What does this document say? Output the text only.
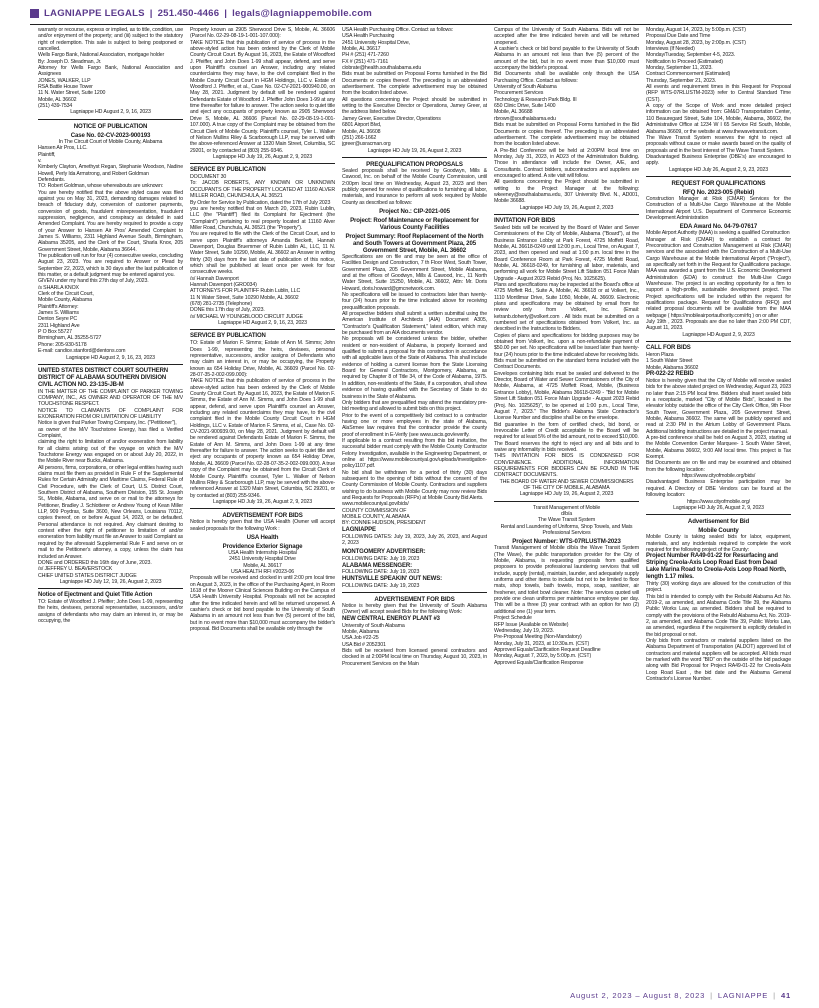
LAGNIAPPE LEGALS | 251.450-4466 | legals@lagniappemobile.com

warranty or recourse, express or implied, as to title, condition, use and/or enjoyment of the property; and (iii) subject to the statutory right of redemption. This sale is subject to being postponed or cancelled.

Wells Fargo Bank, National Association, mortgage holder

By: Joseph D. Steadman, Jr.

Attorney for Wells Fargo Bank, National Association and Assignees

JONES, WALKER, LLP

RSA Battle House Tower

11 N. Water Street, Suite 1200

Mobile, AL 36602

(251) 439-7534

Lagniappe HD August 2, 9, 16, 2023

NOTICE OF PUBLICATION

Case No. 02-CV-2023-900193

In The Circuit Court of Mobile County, Alabama

Hansen Air Pros, LLC.

Plaintiff,

v.

Kimberly Clayton, Amethyst Regan, Stephanie Woodson, Nadine Howell, Perly Ida Armstrong, and Robert Goldman

Defendants.

TO: Robert Goldman, whose whereabouts are unknown:

You are hereby notified that the above styled cause was filed against you on May 31, 2023, demanding damages related to breach of fiduciary duty, conversion of customer payments, conversion of goods, fraudulent misrepresentation, fraudulent suppression, negligence, and conspiracy as detailed in said Amended Complaint. You are hereby required to provide a copy of your Answer to Hansen Air Pros' Amended Complaint to James S. Williams, 2311 Highland Avenue South, Birmingham, Alabama 35205, and the Clerk of the Court, Sharla Knox, 205 Government Street, Mobile, Alabama 36644.

The publication will run for four (4) consecutive weeks, concluding August 23, 2023. You are required to Answer or Plead by September 22, 2023, which is 30 days after the last publication of this matter, or a default judgment may be entered against you.

GIVEN under my hand this 27th day of July, 2023.

/s SHARLA KNOX

Clerk of the Circuit Court,

Mobile County, Alabama

Plaintiff's Attorney:

James S. Williams

Denton Seyre PC

2311 Highland Ave

P O Box 55727

Birmingham, AL 35255-5727

Phone: 205-930-5178

E-mail: candice.stanford@dentons.com

Lagniappe HD August 2, 9, 16, 23, 2023

UNITED STATES DISTRICT COURT SOUTHERN DISTRICT OF ALABAMA SOUTHERN DIVISION

CIVIL ACTION NO. 23-135-JB-M

IN THE MATTER OF THE COMPLAINT OF PARKER TOWING COMPANY, INC., AS OWNER AND OPERATOR OF THE M/V TOUCHSTONE RESPECT.

NOTICE TO CLAIMANTS OF COMPLAINT FOR EXONERATION FROM OR LIMITATION OF LIABILITY

Notice is given that Parker Towing Company, Inc. ("Petitioner"),

as owner of the M/V Touchstone Energy, has filed a Verified Complaint,

claiming the right to limitation of and/or exoneration from liability for all claims arising out of the voyage on which the M/V Touchstone Energy was engaged on or about July 20, 2022, in the Mobile River near Bucks, Alabama.

All persons, firms, corporations, or other legal entities having such claims must file them as provided in Rule F of the Supplemental Rules for Certain Admiralty and Maritime Claims, Federal Rule of Civil Procedure, with the Clerk of Court, U.S. District Court, Southern District of Alabama, Southern Division, 155 St. Joseph St., Mobile, Alabama, and serve on or mail to the attorneys for Petitioner, Bradley J. Schlotterer or Andrew Young of Kean Miller LLP, 909 Poydras, Suite 3600, New Orleans, Louisiana 70112, copies thereof, on or before August 14, 2023, or be defaulted. Personal attendance is not required. Any claimant desiring to contest either the right of petitioner to limitation of and/or exoneration from liability must file an Answer to said Complaint as required by the aforesaid Supplemental Rule F and serve on or mail to the Petitioner's attorney, a copy, unless the claim has included an Answer.

DONE and ORDERED this 16th day of June, 2023.

/s/ JEFFREY U. BEAVERSTOCK

CHIEF UNITED STATES DISTRICT JUDGE

Lagniappe HD July 12, 19, 26, August 2, 2023

Notice of Ejectment and Quiet Title Action

TO: Estate of Woodford J. Pfeiffer; John Does 1-99, representing the heirs, devisees, personal representative, successors, and/or assigns of defendants who may claim an interest in, or may be occupying, the

Property known as 2905 Sherwood Drive S, Mobile, AL 36606 (Parcel No. 02-29-08-19-1-001-107.000):

TAKE NOTICE that this publication of service of process in the above-styled action has been ordered by the Clerk of Mobile County Circuit Court. By August 16, 2023, the Estate of Woodford J. Pfeiffer, and John Does 1-99 shall appear, defend, and serve upon Plaintiff's counsel an Answer, including any related counterclaims they may have, to the civil complaint filed in the Mobile County Circuit Court in HGM Holdings, LLC v. Estate of Woodford J. Pfeiffer, et al., Case No. 02-CV-2021-900940.00, on May 28, 2021. Judgment by default will be rendered against Defendants Estate of Woodford J. Pfeiffer John Does 1-99 at any time thereafter for failure to answer. The action seeks to quiet title and eject any occupants of property known as 2905 Sherwood Drive S, Mobile, AL 36606 (Parcel No. 02-29-08-19-1-001-107.000). A true copy of the Complaint may be obtained from the Circuit Clerk of Mobile County. Plaintiff's counsel, Tyler L. Walker of Nelson Mullins Riley & Scarborough LLP, may be served with the above-referenced Answer at 1320 Main Street, Columbia, SC 29201, or by contacted at (803) 255-9346.

Lagniappe HD July 19, 26, August 2, 9, 2023

SERVICE BY PUBLICATION

DOCUMENT 30

To: JACOB ROBERTS, ANY KNOWN OR UNKNOWN OCCUPANTS OF THE PROPERTY LOCATED AT 11160 ALVER MILLER ROAD, CHUNCHULA, AL 36521

By Order for Service by Publication, dated the 17th of July 2023

you are hereby notified that on March 20, 2023, Rubin Lublin, LLC (the "Plaintiff") filed its Complaint for Ejectment (the "Complaint") pertaining to real property located at 11160 Alver Miller Road, Chunchula, AL 36521 (the "Property").

You are required to file with the Clerk of the Circuit Court, and to serve upon Plaintiff's attorneys Amanda Beckett, Hannah Davenport, Douglas Bruemmer of Rubin Lublin AL, LLC, 11 N. Water Street, Suite 10290, Mobile, AL 36602 an Answer in writing thirty (30) days from the last date of publication of this notice, which shall be published at least once per week for four consecutive weeks.

/s/ Hannah Davenport

Hannah Davenport (GRO034)

ATTORNEYS FOR PLAINTIFF Rubin Lublin, LLC

11 N Water Street, Suite 10290 Mobile, AL 36602

(678) 281-2735 (Telephone)

DONE this 17th day of July, 2023.

/s/ MICHAEL W YOUNGBLOOD CIRCUIT JUDGE

Lagniappe HD August 2, 9, 16, 23, 2023

SERVICE BY PUBLICATION

TO: Estate of Marion F. Simms; Estate of Ann M. Simms; John Does 1-99, representing the heirs, devisees, personal representative, successors, and/or assigns of Defendants who may claim an interest in, or may be occupying, the Property known as 654 Holiday Drive, Mobile, AL 36609 (Parcel No. 02-28-07-35-2-002-099.000):

TAKE NOTICE that this publication of service of process in the above-styled action has been ordered by the Clerk of Mobile County Circuit Court. By August 16, 2023, the Estate of Marion F. Simms, the Estate of Ann M. Simms, and John Does 1-99 shall appear, defend, and serve upon Plaintiff's counsel an Answer, including any related counterclaims they may have, to the civil complaint filed in the Mobile County Circuit Court in HGM Holdings, LLC v. Estate of Marion F. Simms, et al., Case No. 02-CV-2021-900939.00, on May 28, 2021. Judgment by default will be rendered against Defendants Estate of Marion F. Simms, the Estate of Ann M. Simms, and John Does 1-99 at any time thereafter for failure to answer. The action seeks to quiet title and eject any occupants of property known as 654 Holiday Drive, Mobile, AL 36609 (Parcel No. 02-28-07-35-2-002-099.000). A true copy of the Complaint may be obtained from the Circuit Clerk of Mobile County. Plaintiff's counsel, Tyler L. Walker of Nelson Mullins Riley & Scarborough LLP, may be served with the above-referenced Answer at 1320 Main Street, Columbia, SC 29201, or by contacted at (803) 255-9346.

Lagniappe HD July 19, 26, August 2, 9, 2023

ADVERTISEMENT FOR BIDS

Notice is hereby given that the USA Health (Owner will accept sealed proposals for the following Work :

USA Health

Providence Exterior Signage

USA Health Internship Hospital

2451 University Hospital Drive

Mobile, AL 36617

USA HEALTH RFI #2023-06

Proposals will be received and clocked in until 2:00 pm local time on August 3, 2023, in the office of the Purchasing Agent, in Room 1618 of the Moorer Clinical Sciences Building on the Campus of USA Health University Hospital. Proposals will not be accepted after the time indicated herein and will be returned unopened. A cashier's check or bid bond payable to the University of South Alabama in an amount not less than five (5) percent of the bid, but in no event more than $10,000 must accompany the bidder's proposal. Bid Documents shall be available only through the

USA Health Purchasing Office. Contact as follows:

USA Health Purchasing

2451 University Hospital Drive,

Mobile, AL 36617

PH # (251) 471-7260

FX # (251) 471-7161

clobrate@health.southalabama.edu

Bids must be submitted on Proposal Forms furnished in the Bid Documents or copies thereof. The preceding is an abbreviated advertisement. The complete advertisement may be obtained from the location listed above.

All questions concerning the Project should be submitted in writing to the Executive Director or Operations, Jamey Greer, at the address listed below.

Jamey Greer, Executive Director, Operations

6801 Airport Blvd,

Mobile, AL 36608

(251) 266-1662

jgreer@usracman.org

Lagniappe HD July 19, 26, August 2, 2023

PREQUALIFICATION PROPOSALS

Sealed proposals shall be received by Goodwyn, Mills & Cawood, Inc. on behalf of the Mobile County Commission, until 2:00pm local time on Wednesday, August 23, 2023 and then publicly opened for review of qualifications to furnishing all labor, materials, and insurance to perform all work required by Mobile County as described as follows:

Project No.: CIP-2021-005

Project: Roof Maintenance or Replacement for Various County Facilities

Project Summary: Roof Replacement of the North and South Towers at Government Plaza, 205 Government Street, Mobile, AL 36602

Specifications are on file and may be seen at the office of Facilities Design and Construction, 7 th Floor West, South Tower, Government Plaza, 205 Government Street, Mobile Alabama, and at the offices of Goodwyn, Mills & Cawood, Inc., 11 North Water Street, Suite 15250, Mobile, AL 36602, Attn: Mr. Doris Howard, doris.howard@gmcnetwork.com.

No specifications will be issued to contractors later than twenty-four (24) hours prior to the time indicated above for receiving prequalification proposals.

All prospective bidders shall submit a written submittal using the American Institute of Architects (AIA) Document A305, "Contractor's Qualification Statement," latest edition, which may be purchased from an AIA documents vendor.

No proposals will be considered unless the bidder, whether resident or non-resident of Alabama, is properly licensed and qualified to submit a proposal for this construction in accordance with all applicable laws of the State of Alabama. This shall include evidence of holding a current license from the State Licensing Board for General Contractors, Montgomery, Alabama, as required by Chapter 8 of Title 34, of the Code of Alabama, 1975. In addition, non-residents of the State, if a corporation, shall show evidence of having qualified with the Secretary of State to do business in the State of Alabama.

Only bidders that are prequalified may attend the mandatory pre-bid meeting and allowed to submit bids on this project.

Prior to the event of a competitively bid contract to a contractor having one or more employees in the state of Alabama, AlaSrmee law requires that the contractor provide the county proof of enrollment in E-Verify (see www.uscis.gov/everify.

If applicable to a contract resulting from this bid invitation, the successful bidder must comply with the Mobile County Contractor Felony Investigation, available in the Engineering Department, or online at https://www.mobilecountyal.gov/uploads/investigation-policy1107.pdf.

No bid shall be withdrawn for a period of thirty (30) days subsequent to the opening of bids without the consent of the County Commission of Mobile County. Contractors and suppliers wishing to do business with Mobile County may now review Bids and Requests for Proposals (RFPs) at Mobile County Bid Alerts.

www.mobilecountyal.gov/bids/

COUNTY COMMISSION OF

MOBILE COUNTY, ALABAMA

BY: CONNIE HUDSON, PRESIDENT

LAGNIAPPE

FOLLOWING DATES: July 19, 2023, July 26, 2023, and August 2, 2023

MONTGOMERY ADVERTISER:

FOLLOWING DATE: July 19, 2023

ALABAMA MESSENGER:

FOLLOWING DATE: July 19, 2023

HUNTSVILLE SPEAKIN' OUT NEWS:

FOLLOWING DATE: July 19, 2023

ADVERTISEMENT FOR BIDS

Notice is hereby given that the University of South Alabama (Owner) will accept sealed Bids for the following Work:

NEW CENTRAL ENERGY PLANT #3

University of South Alabama

Mobile, Alabama

USA Job #22-25

USA Bid # 2052301

Bids will be received from licensed general contractors and clocked in at 2:00PM local time on Thursday, August 10, 2023, in Procurement Services on the Main

Campus of the University of South Alabama. Bids will not be accepted after the time indicated herein and will be returned unopened.

A cashier's check or bid bond payable to the University of South Alabama in an amount not less than five (5) percent of the amount of the bid, but in no event more than $10,000 must accompany the bidder's proposal.

Bid Documents shall be available only through the USA Purchasing Office. Contact as follows:

University of South Alabama

Procurement Services

Technology & Research Park Bldg. III

650 Clinic Drive, Suite 1400

Mobile, AL 36688

rbrown@southalabama.edu

Bids must be submitted on Proposal Forms furnished in the Bid Documents or copies thereof. The preceding is an abbreviated advertisement. The complete advertisement may be obtained from the location listed above.

A Pre-Bid Conference will be held at 2:00PM local time on Monday, July 31, 2023, in AD23 of the Administration Building. Those in attendance will include the Owner, A/E, and Consultants. Contract bidders, subcontractors and suppliers are encouraged to attend. A site visit will follow.

All questions concerning the Project should be submitted in writing to the Project Manager at the following: wkeeney@southalabama.edu, 307 University Blvd. N., AD001, Mobile 36688.

Lagniappe HD July 19, 26, August 2, 2023

INVITATION FOR BIDS

Sealed bids will be received by the Board of Water and Sewer Commissioners of the City of Mobile, Alabama ("Board"), at the Business Entrance Lobby at Park Forest, 4725 Moffett Road, Mobile, AL 36618-0249 until 12:00 p.m., Local Time, on August 7, 2023, and then opened and read at 1:00 p.m. local time in the Board Conference Room at Park Forest, 4725 Moffett Road, Mobile, AL 36618-0249, for furnishing all labor, materials, and performing all work for Mobile Street Lift Station 051 Force Main Upgrade - August 2023 Rebid (Proj. No. 1025625).

Plans and specifications may be inspected at the Board's office at 4725 Moffett Rd., Suite A, Mobile, AL 36618 or at Volkert, Inc., 1110 Montlimar Drive, Suite 1050, Mobile, AL 36609. Electronic plans and specifications may be obtained by email from for review only from Volkert, Inc. (Email: ketranb.doherty@volkert.com . All bids must be submitted on a numbered set of specifications obtained from Volkert, Inc. as described in the Instructions to Bidders.

Copies of plans and specifications for bidding purposes may be obtained from Volkert, Inc. upon a non-refundable payment of $50.00 per set. No specifications will be issued later than twenty-four (24) hours prior to the time indicated above for receiving bids.

Bids must be submitted on the standard forms included with the Contract Documents.

Envelopes containing bids must be sealed and delivered to the Director, Board of Water and Sewer Commissioners of the City of Mobile, Alabama, at 4725 Moffett Road, Mobile, (Business Entrance Lobby), Mobile, Alabama 36618-0249 - "Bid for Mobile Street Lift Station 051 Force Main Upgrade - August 2023 Rebid (Proj. No. 1025625)", to be opened at 1:00 p.m., Local Time, August 7, 2023." The Bidder's Alabama State Contractor's License Number and discipline shall be on the envelope.

Bid guarantee in the form of certified check, bid bond, or Irrevocable Letter of Credit acceptable to the Board will be required for at least 5% of the bid amount, not to exceed $10,000.

The Board reserves the right to reject any and all bids and to waive any informality in bids received.

THIS INVITATION FOR BIDS IS CONDENSED FOR CONVENIENCE. ADDITIONAL INFORMATION REQUIREMENTS FOR BIDDERS CAN BE FOUND IN THE CONTRACT DOCUMENTS.

THE BOARD OF WATER AND SEWER COMMISSIONERS

OF THE CITY OF MOBILE, ALABAMA

Lagniappe HD July 19, 26, August 2, 2023

Transit Management of Mobile

d/b/a

The Wave Transit System

Rental and Laundering of Uniforms, Shop Towels, and Mats Professional Services

Project Number: WTS-07RLUSTM-2023

Transit Management of Mobile d/b/a the Wave Transit System (The Wave), the public transportation provider for the City of Mobile, Alabama, is requesting proposals from qualified proposers to provide professional laundering services that will include, supply (rental), maintain, launder, and adequately supply uniforms and other items to include but not to be limited to floor mats, shop towels, bath towels, mops, soap, sanitizer, air freshener, and toilet bowl cleaner. Note: The services quoted will provide one clean uniforms per maintenance employee per day. This will be a three (3) year contract with an option for two (2) additional one (1) year term.

Project Schedule

RFP Issue (Available on Website)

Wednesday, July 19, 2023.

Pre-Proposal Meeting (Non-Mandatory)

Monday, July 31, 2023, at 10:30a.m. (CST)

Approved Equals/Clarification Request Deadline

Monday, August 7, 2023, by 5:00p.m. (CST)

Approved Equals/Clarification Response

Monday, August 14, 2023, by 5:00p.m. (CST)

Proposal Due Date and Time

Monday, August 28, 2023, by 2:00p.m. (CST)

Interviews (If Needed)

Monday/Tuesday, September 4-5, 2023.

Notification to Proceed (Estimated)

Monday, September 11, 2023.

Contract Commencement (Estimated)

Thursday, September 21, 2023.

All events and requirement times in this Request for Proposal (RFP WTS-07RLUSTM-2023) refer to Central Standard Time (CST).

A copy of the Scope of Work and more detailed project information can be obtained from: GM&O Transportation Center, 110 Beauregard Street, Suite 104, Mobile, Alabama, 36602, the Administrative Office at 1234 W I 65 Service Rd South, Mobile, Alabama 36609, or the website at www.thewavetransit.com.

The Wave Transit System reserves the right to reject all proposals without cause or make awards based on the quality of proposals and in the best interest of The Wave Transit System.

Disadvantaged Business Enterprise (DBE's) are encouraged to apply.

Lagniappe HD July 26, August 2, 9, 23, 2023

REQUEST FOR QUALIFICATIONS

RFQ No. 2023-005 (Rebid)

Construction Manager at Risk (CMAR) Services for the Construction of a Multi-Use Cargo Warehouse at the Mobile International Airport U.S. Department of Commerce Economic Development Administration

EDA Award No. 04-79-07617

Mobile Airport Authority (MAA) is seeking a qualified Construction

Manager at Risk (CMAR) to establish a contract for Preconstruction and Construction Management at Risk (CMAR) services and the associated with the Construction of a Multi-Use Cargo Warehouse at the Mobile International Airport ("Project"), as specifically set forth in the Request for Qualifications package. MAA was awarded a grant from the U.S. Economic Development Administration (EDA) to construct the Multi-Use Cargo Warehouse. The project is an exciting opportunity for a firm to support a high-profile, sustainable development project. The Project specifications will be included within the request for qualifications package. Request for Qualifications (RFQ) and related proposal documents will be available from the MAA webpage ( https://mobileairportauthority.com/rfq ) on or after

July 19th , 2023. Proposals are due no later than 2:00 PM CDT, August 11, 2023.

Lagniappe HD August 2, 9, 2023

CALL FOR BIDS

Heron Plaza

1 South Water Street

Mobile, Alabama 36602

PR-022-22 REBID

Notice is hereby given that the City of Mobile will receive sealed bids for the above stated project on Wednesday, August 23, 2023 no later than 2:15 PM local time. Bidders shall insert sealed bids in a receptacle, marked "City of Mobile Bids", located in the elevator lobby outside the office of the City Clerk Office, 9th Floor South Tower, Government Plaza, 205 Government Street, Mobile, Alabama 36602. The same will be publicly opened and read at 2:30 PM in the Atrium Lobby of Government Plaza. Additional bidding instructions are detailed in the project manual.

A pre-bid conference shall be held on August 3, 2023, starting at the Mobile Convention Center Marquee- 1 South Water Street, Mobile, Alabama 36602, 9:00 AM local time. This project is Tax Exempt.

Bid Documents are on file and may be examined and obtained from the following location:

https://www.cityofmobile.org/bids/

Disadvantaged Business Enterprise participation may be required. A Directory of DBE Vendors can be found at the following location:

https://www.cityofmobile.org/

Lagniappe HD July 26, August 2, 9, 2023

Advertisement for Bid

Mobile County

Mobile County is taking sealed bids for labor, equipment, materials, and any incidentals required to complete the work required for the following project of the County:

Project Number RA49-01-22 for Resurfacing and Striping Creola-Axis Loop Road East from Dead Lake Marina Road to Creola-Axis Loop Road North, length 1.17 miles.

Thirty (30) working days are allowed for the construction of this project.

This bid is intended to comply with the Rebuild Alabama Act No. 2019-2, as amended, and Alabama Code Title 39, the Alabama Public Works Law, as amended. Bidders shall be required to comply with the provisions of the Rebuild Alabama Act, No. 2019-2, as amended, and Alabama Code Title 39, Public Works Law, as amended, regardless if the requirement is explicitly detailed in the bid proposal or not.

Only bids from contractors or material suppliers listed on the Alabama Department of Transportation (ALDOT) approved list of contractors and material suppliers will be accepted. All bids must be marked with the word "BID" on the outside of the bid package along with Bid Proposal for Project RA49-01-22 for Creola-Axis Loop Road East , the bid date and the Alabama General Contractor's License Number.

August 2, 2023 – August 8, 2023 | LAGNIAPPE | 41
